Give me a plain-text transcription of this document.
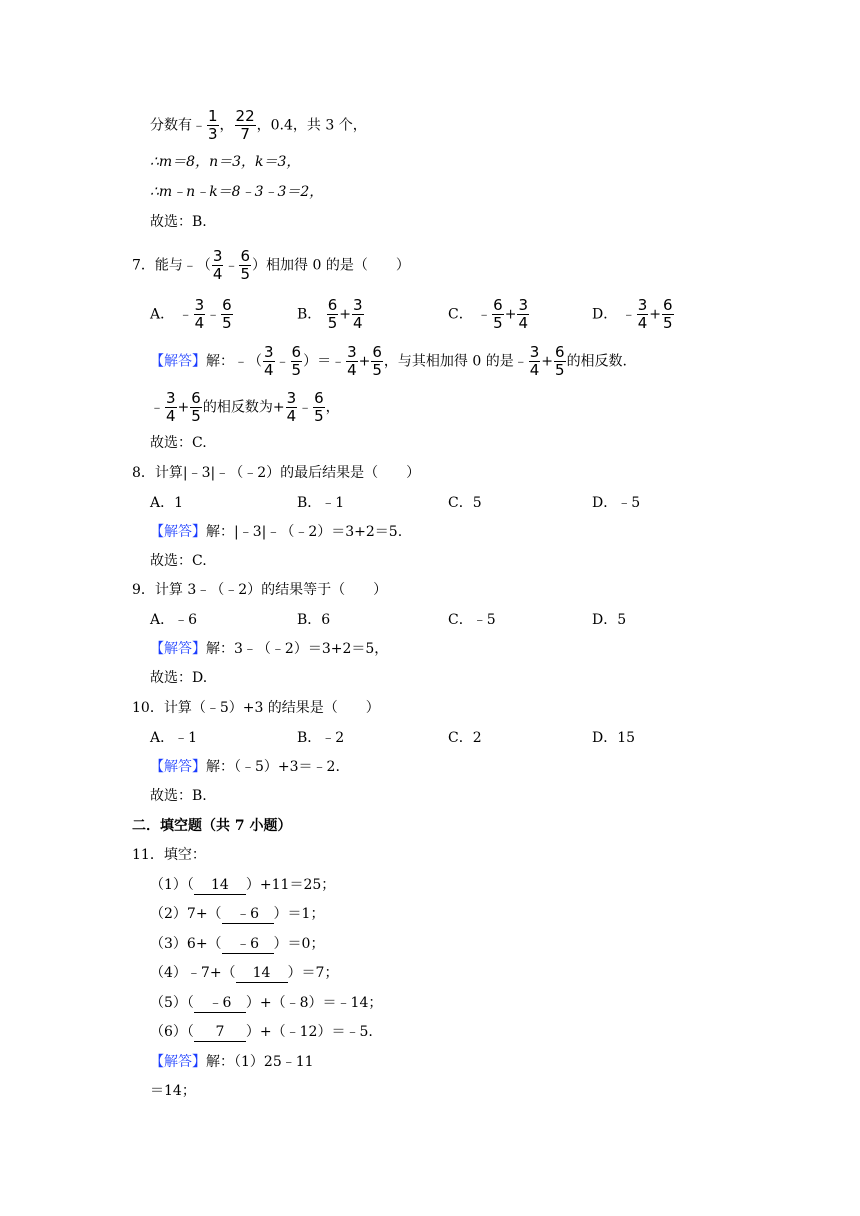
分数有﹣ $\frac{1}{3}$ ， $\frac{22}{7}$ ，0.4，共 3 个，
∴m＝8，n＝3，k＝3，
∴m﹣n﹣k＝8﹣3﹣3＝2，
故选：B.
7．能与﹣（ $\frac{3}{4}$ ﹣ $\frac{6}{5}$ ）相加得 0 的是（　　）
A． ﹣ $\frac{3}{4}$ ﹣ $\frac{6}{5}$	B． $\frac{6}{5} + \frac{3}{4}$	C． ﹣ $\frac{6}{5} + \frac{3}{4}$	D． ﹣ $\frac{3}{4} + \frac{6}{5}$
【解答】解：﹣（ $\frac{3}{4}$ ﹣ $\frac{6}{5}$ ）＝﹣ $\frac{3}{4} + \frac{6}{5}$ ，与其相加得 0 的是﹣ $\frac{3}{4} + \frac{6}{5}$ 的相反数.
﹣ $\frac{3}{4} + \frac{6}{5}$ 的相反数为+ $\frac{3}{4}$ ﹣ $\frac{6}{5}$ ，
故选：C.
8．计算|﹣3|﹣（﹣2）的最后结果是（　　）
A．1	B．﹣1	C．5	D．﹣5
【解答】解：|﹣3|﹣（﹣2）＝3+2＝5.
故选：C.
9．计算 3﹣（﹣2）的结果等于（　　）
A．﹣6	B．6	C．﹣5	D．5
【解答】解：3﹣（﹣2）＝3+2＝5，
故选：D.
10．计算（﹣5）+3 的结果是（　　）
A．﹣1	B．﹣2	C．2	D．15
【解答】解：（﹣5）+3＝﹣2.
故选：B.
二．填空题（共 7 小题）
11．填空：
（1）（ 14 ）+11＝25；
（2）7+（ ﹣6 ）＝1；
（3）6+（ ﹣6 ）＝0；
（4）﹣7+（ 14 ）＝7；
（5）（ ﹣6 ）+（﹣8）＝﹣14；
（6）（ 7 ）+（﹣12）＝﹣5.
【解答】解：（1）25﹣11
＝14；
